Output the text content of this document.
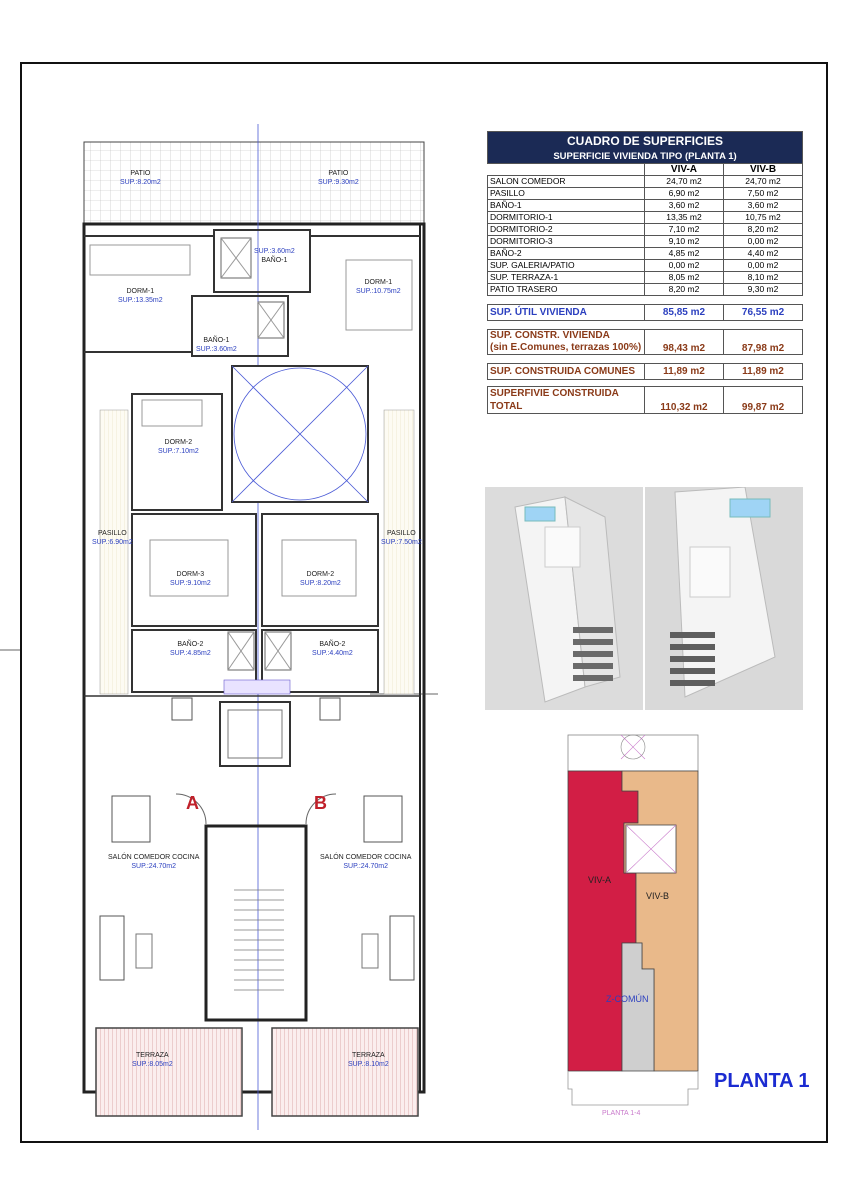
PATIO
SUP.:8.20m2
PATIO
SUP.:9.30m2
SUP.:3.60m2
BAÑO-1
DORM-1
SUP.:13.35m2
DORM-1
SUP.:10.75m2
BAÑO-1
SUP.:3.60m2
DORM-2
SUP.:7.10m2
PASILLO
SUP.:6.90m2
PASILLO
SUP.:7.50m2
DORM-3
SUP.:9.10m2
DORM-2
SUP.:8.20m2
BAÑO-2
SUP.:4.85m2
BAÑO-2
SUP.:4.40m2
A	B
SALÓN COMEDOR COCINA
SUP.:24.70m2
SALÓN COMEDOR COCINA
SUP.:24.70m2
TERRAZA
SUP.:8.05m2
TERRAZA
SUP.:8.10m2
CUADRO DE SUPERFICIES		
SUPERFICIE VIVIENDA TIPO (PLANTA 1)		
	VIV-A	VIV-B
SALON COMEDOR	24,70 m2	24,70 m2
PASILLO	6,90 m2	7,50 m2
BAÑO-1	3,60 m2	3,60 m2
DORMITORIO-1	13,35 m2	10,75 m2
DORMITORIO-2	7,10 m2	8,20 m2
DORMITORIO-3	9,10 m2	0,00 m2
BAÑO-2	4,85 m2	4,40 m2
SUP. GALERIA/PATIO	0,00 m2	0,00 m2
SUP. TERRAZA-1	8,05 m2	8,10 m2
PATIO TRASERO	8,20 m2	9,30 m2

SUP. ÚTIL VIVIENDA	85,85 m2	76,55 m2

SUP. CONSTR. VIVIENDA
(sin E.Comunes, terrazas 100%)	98,43 m2	87,98 m2

SUP. CONSTRUIDA COMUNES	11,89 m2	11,89 m2

SUPERFIVIE CONSTRUIDA
TOTAL	110,32 m2	99,87 m2
VIV-A
VIV-B
Z-COMÚN
PLANTA 1-4
PLANTA 1
